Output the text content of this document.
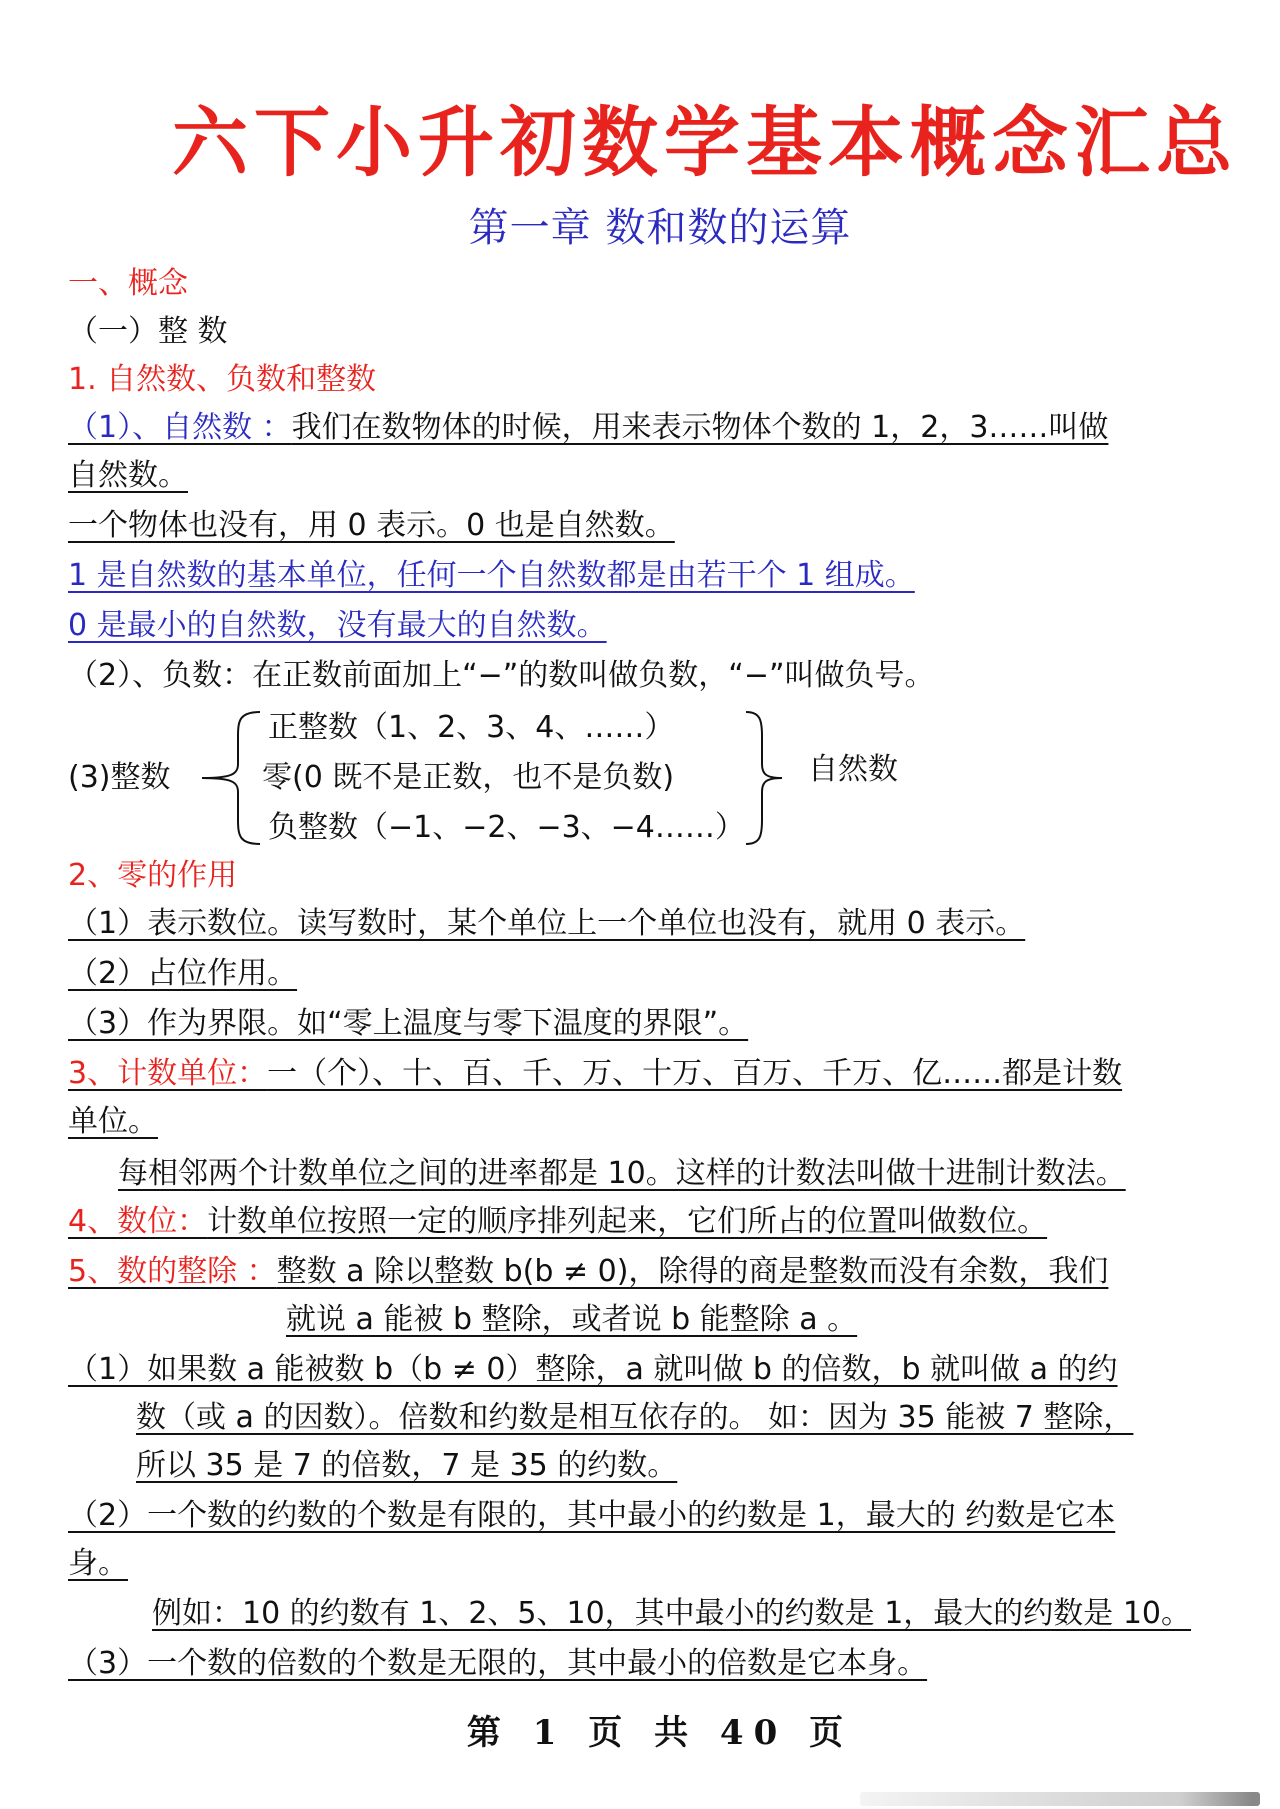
六下小升初数学基本概念汇总
第一章 数和数的运算
一、概念
（一）整 数
1. 自然数、负数和整数
（1）、自然数 ：我们在数物体的时候，用来表示物体个数的 1，2，3……叫做
自然数。
一个物体也没有，用 0 表示。0 也是自然数。
1 是自然数的基本单位，任何一个自然数都是由若干个 1 组成。
0 是最小的自然数，没有最大的自然数。
（2）、负数：在正数前面加上“−”的数叫做负数，“−”叫做负号。
(3)整数
正整数（1、2、3、4、……）
零(0 既不是正数，也不是负数)
负整数（−1、−2、−3、−4……）
自然数
2、零的作用
（1）表示数位。读写数时，某个单位上一个单位也没有，就用 0 表示。
（2）占位作用。
（3）作为界限。如“零上温度与零下温度的界限”。
3、计数单位：一（个）、十、百、千、万、十万、百万、千万、亿……都是计数
单位。
每相邻两个计数单位之间的进率都是 10。这样的计数法叫做十进制计数法。
4、数位：计数单位按照一定的顺序排列起来，它们所占的位置叫做数位。
5、数的整除 ：整数 a 除以整数 b(b ≠ 0)，除得的商是整数而没有余数，我们
就说 a 能被 b 整除，或者说 b 能整除 a 。
（1）如果数 a 能被数 b（b ≠ 0）整除，a 就叫做 b 的倍数，b 就叫做 a 的约
数（或 a 的因数）。倍数和约数是相互依存的。 如：因为 35 能被 7 整除，
所以 35 是 7 的倍数，7 是 35 的约数。
（2）一个数的约数的个数是有限的，其中最小的约数是 1，最大的 约数是它本
身。
例如：10 的约数有 1、2、5、10，其中最小的约数是 1，最大的约数是 10。
（3）一个数的倍数的个数是无限的，其中最小的倍数是它本身。
第 1 页 共 40 页
